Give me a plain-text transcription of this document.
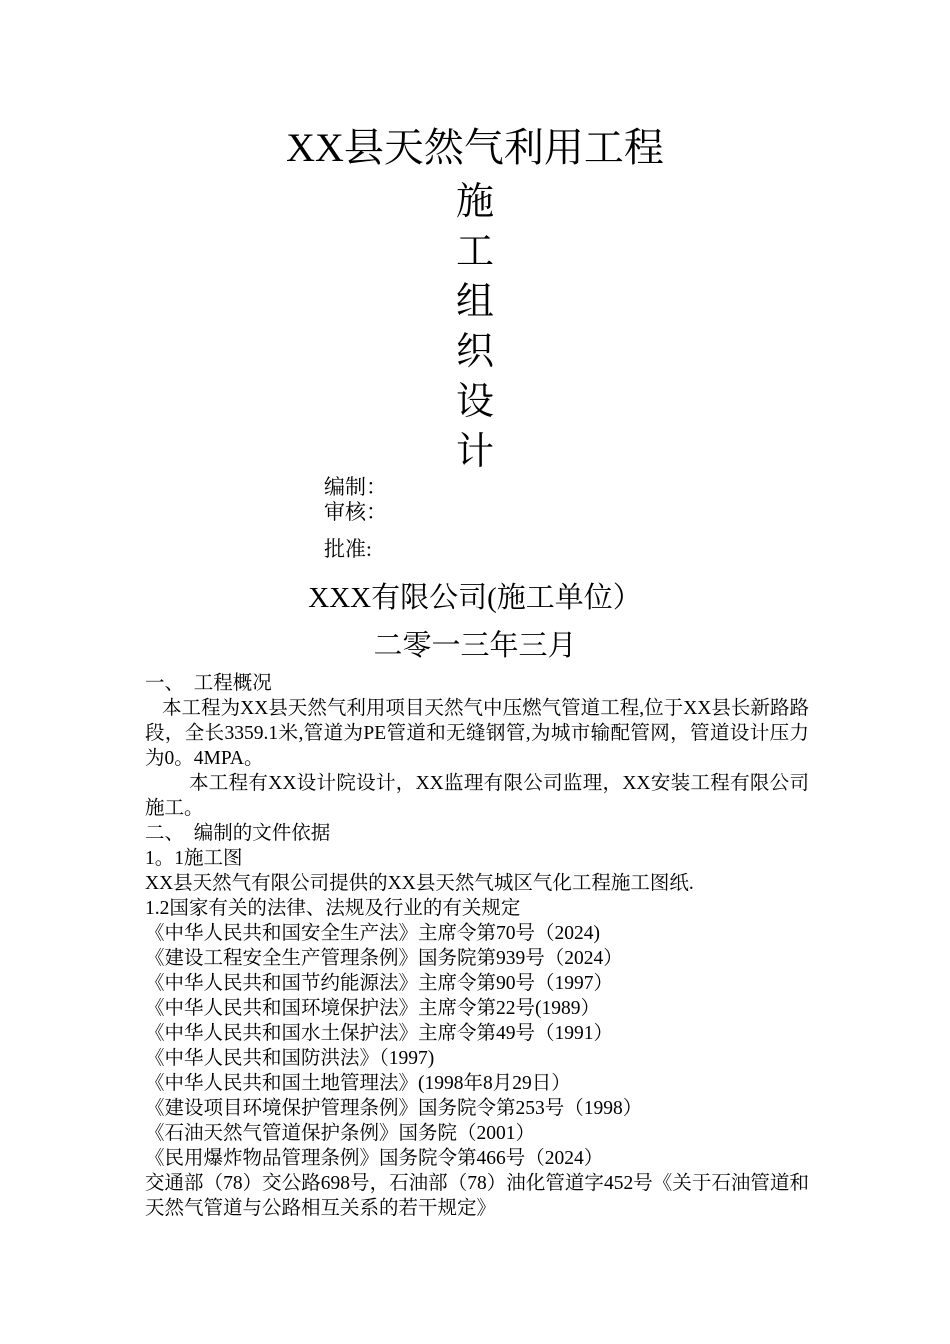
XX县天然气利用工程
施
工
组
织
设
计
编制：
审核：
批准:
XXX有限公司(施工单位）
二零一三年三月

一、　工程概况

本工程为XX县天然气利用项目天然气中压燃气管道工程,位于XX县长新路路段，全长3359.1米,管道为PE管道和无缝钢管,为城市输配管网，管道设计压力为0。4MPA。

本工程有XX设计院设计，XX监理有限公司监理，XX安装工程有限公司施工。

二、　编制的文件依据

1。1施工图

XX县天然气有限公司提供的XX县天然气城区气化工程施工图纸.

1.2国家有关的法律、法规及行业的有关规定

《中华人民共和国安全生产法》主席令第70号（2024)

《建设工程安全生产管理条例》国务院第939号（2024）

《中华人民共和国节约能源法》主席令第90号（1997）

《中华人民共和国环境保护法》主席令第22号(1989）

《中华人民共和国水土保护法》主席令第49号（1991）

《中华人民共和国防洪法》（1997)

《中华人民共和国土地管理法》(1998年8月29日）

《建设项目环境保护管理条例》国务院令第253号（1998）

《石油天然气管道保护条例》国务院（2001）

《民用爆炸物品管理条例》国务院令第466号（2024）

交通部（78）交公路698号，石油部（78）油化管道字452号《关于石油管道和天然气管道与公路相互关系的若干规定》
